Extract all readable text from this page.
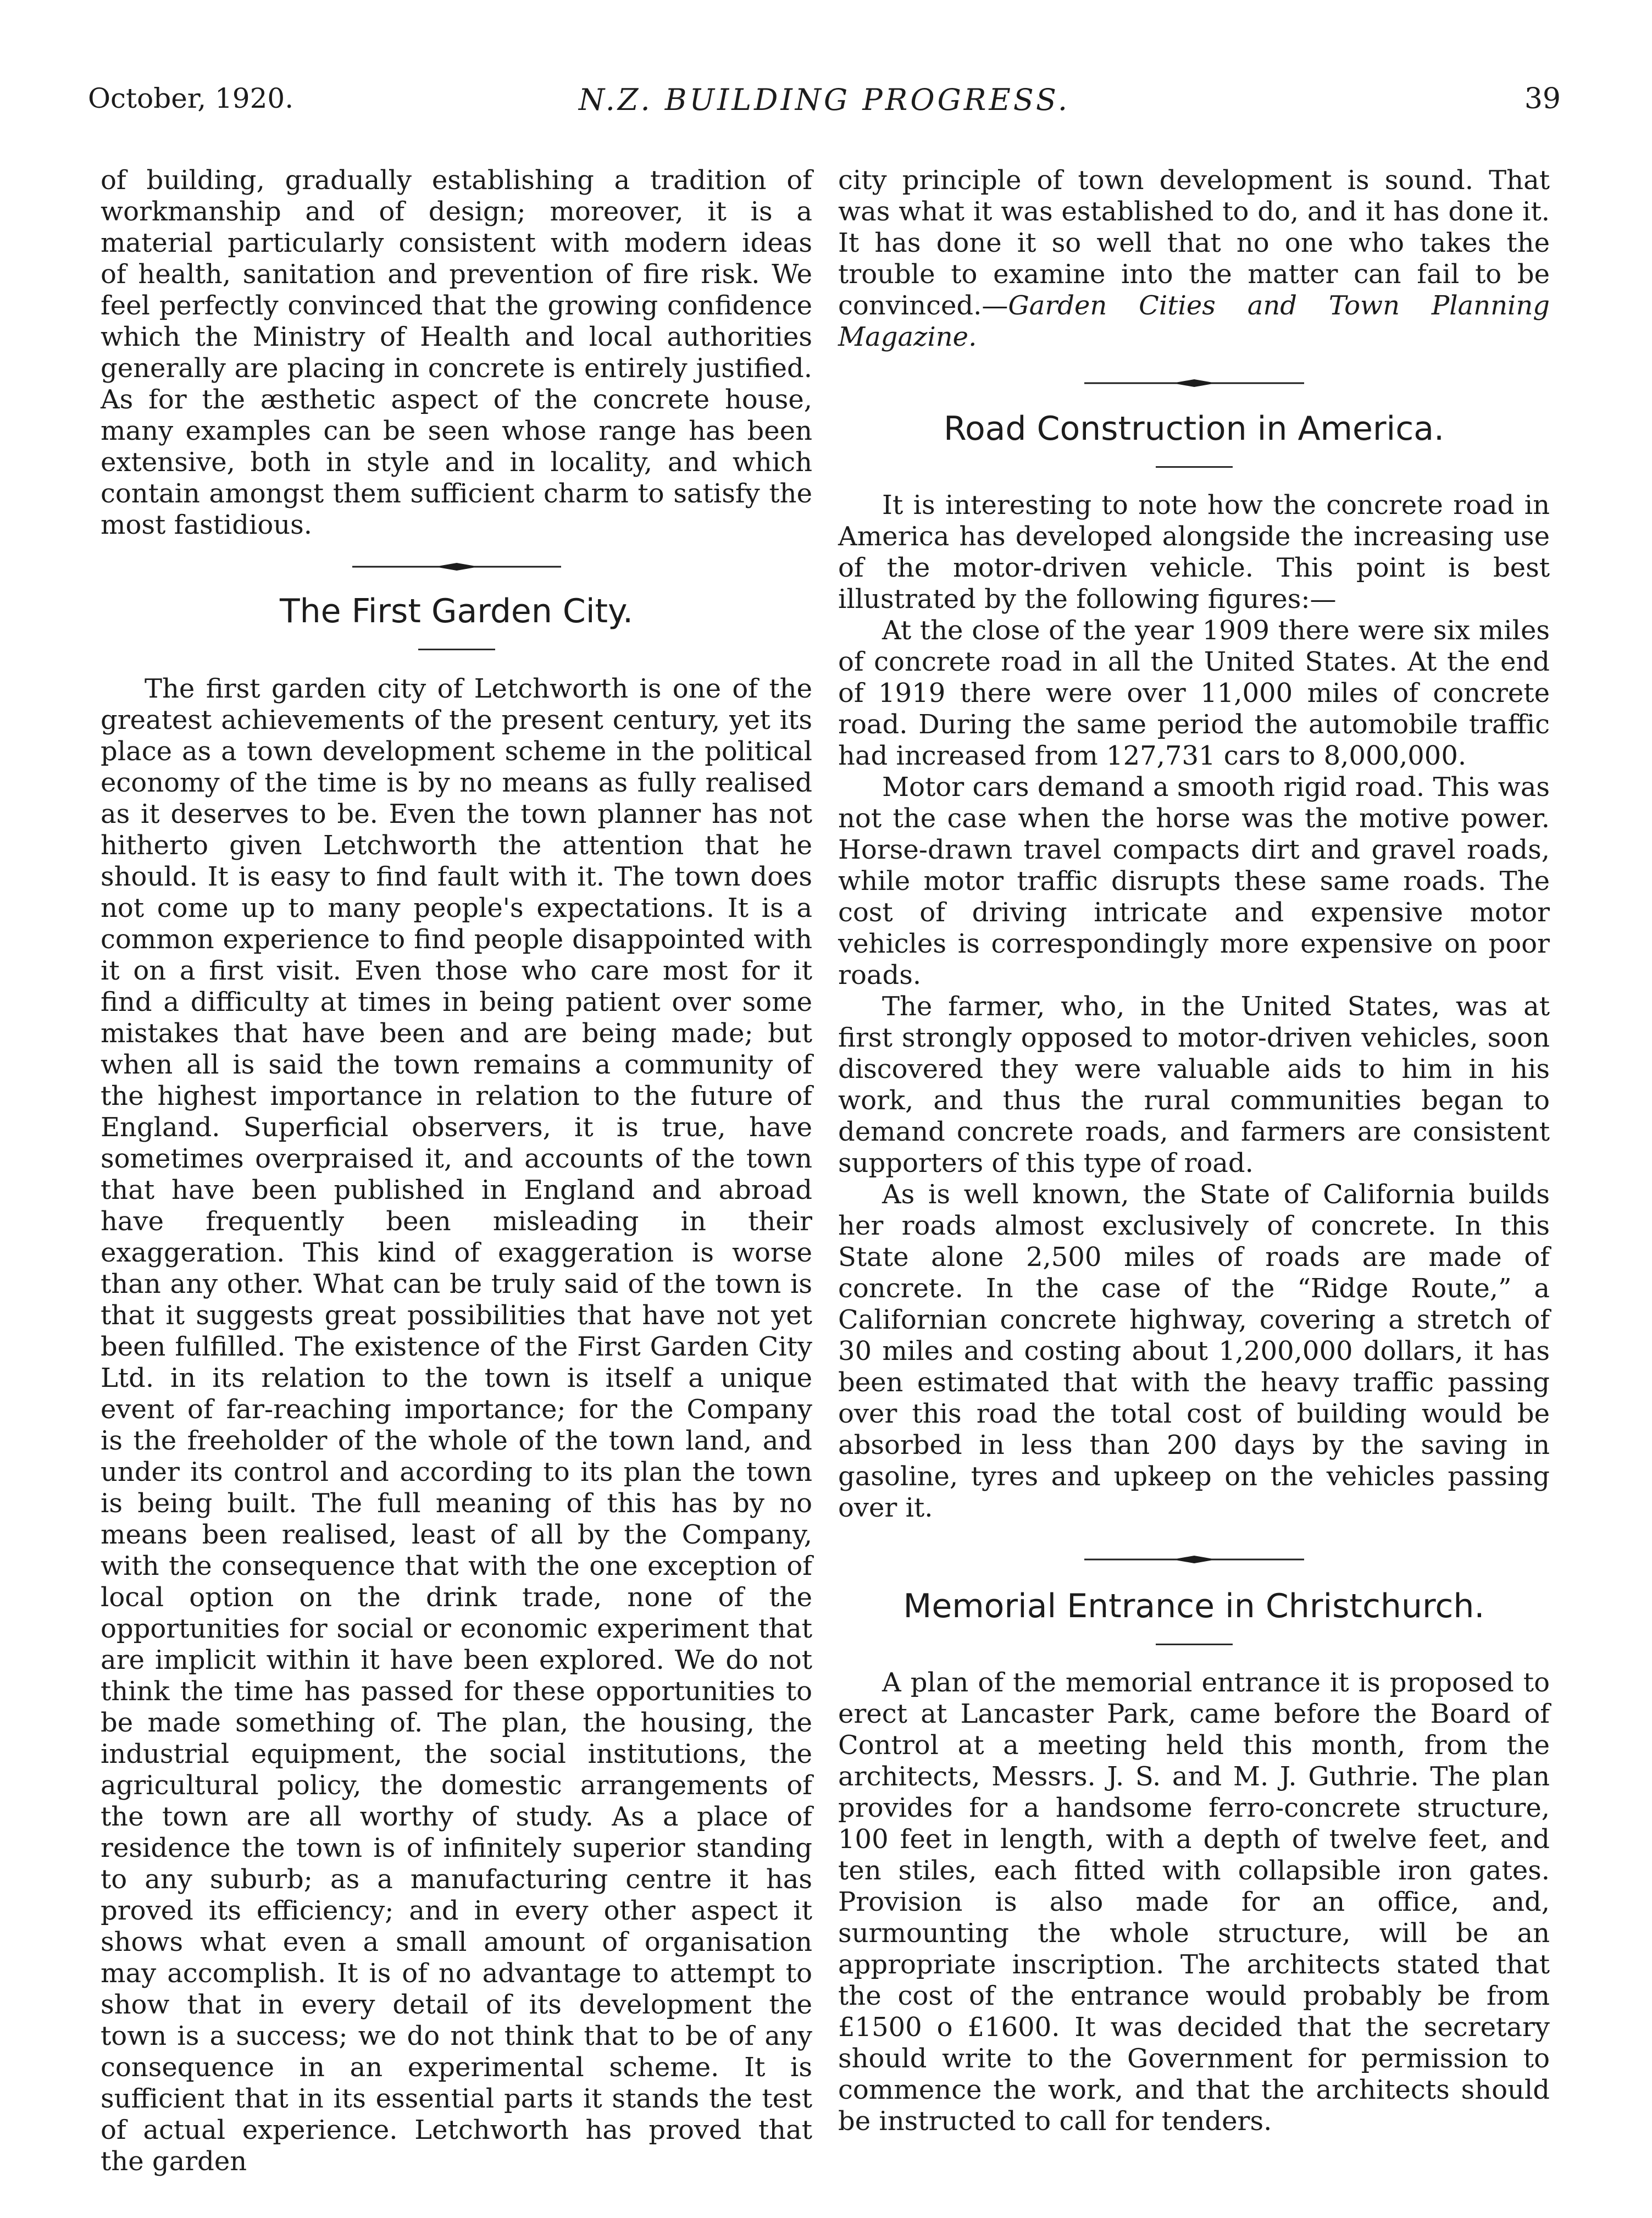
October, 1920.	N.Z. BUILDING PROGRESS.	39

of building, gradually establishing a tradition of workmanship and of design; moreover, it is a material particularly consistent with modern ideas of health, sanitation and prevention of fire risk. We feel perfectly convinced that the growing confidence which the Ministry of Health and local authorities generally are placing in concrete is entirely justified. As for the æsthetic aspect of the concrete house, many examples can be seen whose range has been extensive, both in style and in locality, and which contain amongst them sufficient charm to satisfy the most fastidious.

The First Garden City.

The first garden city of Letchworth is one of the greatest achievements of the present century, yet its place as a town development scheme in the political economy of the time is by no means as fully realised as it deserves to be. Even the town planner has not hitherto given Letchworth the attention that he should. It is easy to find fault with it. The town does not come up to many people's expectations. It is a common experience to find people disappointed with it on a first visit. Even those who care most for it find a difficulty at times in being patient over some mistakes that have been and are being made; but when all is said the town remains a community of the highest importance in relation to the future of England. Superficial observers, it is true, have sometimes overpraised it, and accounts of the town that have been published in England and abroad have frequently been misleading in their exaggeration. This kind of exaggeration is worse than any other. What can be truly said of the town is that it suggests great possibilities that have not yet been fulfilled. The existence of the First Garden City Ltd. in its relation to the town is itself a unique event of far-reaching importance; for the Company is the freeholder of the whole of the town land, and under its control and according to its plan the town is being built. The full meaning of this has by no means been realised, least of all by the Company, with the consequence that with the one exception of local option on the drink trade, none of the opportunities for social or economic experiment that are implicit within it have been explored. We do not think the time has passed for these opportunities to be made something of. The plan, the housing, the industrial equipment, the social institutions, the agricultural policy, the domestic arrangements of the town are all worthy of study. As a place of residence the town is of infinitely superior standing to any suburb; as a manufacturing centre it has proved its efficiency; and in every other aspect it shows what even a small amount of organisation may accomplish. It is of no advantage to attempt to show that in every detail of its development the town is a success; we do not think that to be of any consequence in an experimental scheme. It is sufficient that in its essential parts it stands the test of actual experience. Letchworth has proved that the garden

city principle of town development is sound. That was what it was established to do, and it has done it. It has done it so well that no one who takes the trouble to examine into the matter can fail to be convinced.—Garden Cities and Town Planning Magazine.

Road Construction in America.

It is interesting to note how the concrete road in America has developed alongside the increasing use of the motor-driven vehicle. This point is best illustrated by the following figures:—

At the close of the year 1909 there were six miles of concrete road in all the United States. At the end of 1919 there were over 11,000 miles of concrete road. During the same period the automobile traffic had increased from 127,731 cars to 8,000,000.

Motor cars demand a smooth rigid road. This was not the case when the horse was the motive power. Horse-drawn travel compacts dirt and gravel roads, while motor traffic disrupts these same roads. The cost of driving intricate and expensive motor vehicles is correspondingly more expensive on poor roads.

The farmer, who, in the United States, was at first strongly opposed to motor-driven vehicles, soon discovered they were valuable aids to him in his work, and thus the rural communities began to demand concrete roads, and farmers are consistent supporters of this type of road.

As is well known, the State of California builds her roads almost exclusively of concrete. In this State alone 2,500 miles of roads are made of concrete. In the case of the “Ridge Route,” a Californian concrete highway, covering a stretch of 30 miles and costing about 1,200,000 dollars, it has been estimated that with the heavy traffic passing over this road the total cost of building would be absorbed in less than 200 days by the saving in gasoline, tyres and upkeep on the vehicles passing over it.

Memorial Entrance in Christchurch.

A plan of the memorial entrance it is proposed to erect at Lancaster Park, came before the Board of Control at a meeting held this month, from the architects, Messrs. J. S. and M. J. Guthrie. The plan provides for a handsome ferro-concrete structure, 100 feet in length, with a depth of twelve feet, and ten stiles, each fitted with collapsible iron gates. Provision is also made for an office, and, surmounting the whole structure, will be an appropriate inscription. The architects stated that the cost of the entrance would probably be from £1500 o £1600. It was decided that the secretary should write to the Government for permission to commence the work, and that the architects should be instructed to call for tenders.
